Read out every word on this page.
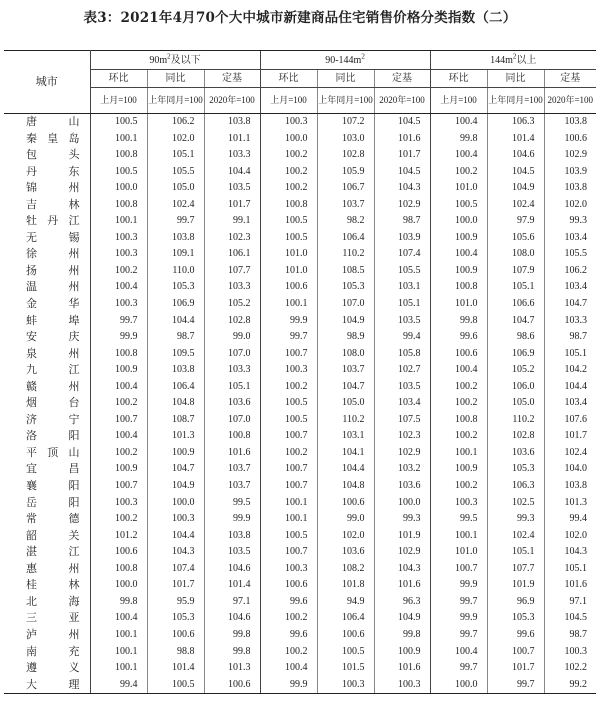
表3：2021年4月70个大中城市新建商品住宅销售价格分类指数（二）
城市	$90m^2$及以下			$90-144m^2$			$144m^2$以上		
	环比	同比	定基	环比	同比	定基	环比	同比	定基
	上月=100	上年同月=100	2020年=100	上月=100	上年同月=100	2020年=100	上月=100	上年同月=100	2020年=100
唐山	100.5	106.2	103.8	100.3	107.2	104.5	100.4	106.3	103.8
秦皇岛	100.1	102.0	101.1	100.0	103.0	101.6	99.8	101.4	100.6
包头	100.8	105.1	103.3	100.2	102.8	101.7	100.4	104.6	102.9
丹东	100.5	105.5	104.4	100.2	105.9	104.5	100.2	104.5	103.9
锦州	100.0	105.0	103.5	100.2	106.7	104.3	101.0	104.9	103.8
吉林	100.8	102.4	101.7	100.8	103.7	102.9	100.5	102.4	102.0
牡丹江	100.1	99.7	99.1	100.5	98.2	98.7	100.0	97.9	99.3
无锡	100.3	103.8	102.3	100.5	106.4	103.9	100.9	105.6	103.4
徐州	100.3	109.1	106.1	101.0	110.2	107.4	100.4	108.0	105.5
扬州	100.2	110.0	107.7	101.0	108.5	105.5	100.9	107.9	106.2
温州	100.4	105.3	103.3	100.6	105.3	103.1	100.8	105.1	103.4
金华	100.3	106.9	105.2	100.1	107.0	105.1	101.0	106.6	104.7
蚌埠	99.7	104.4	102.8	99.9	104.9	103.5	99.8	104.7	103.3
安庆	99.9	98.7	99.0	99.7	98.9	99.4	99.6	98.6	98.7
泉州	100.8	109.5	107.0	100.7	108.0	105.8	100.6	106.9	105.1
九江	100.9	103.8	103.3	100.3	103.7	102.7	100.4	105.2	104.2
赣州	100.4	106.4	105.1	100.2	104.7	103.5	100.2	106.0	104.4
烟台	100.2	104.8	103.6	100.5	105.0	103.4	100.2	105.0	103.4
济宁	100.7	108.7	107.0	100.5	110.2	107.5	100.8	110.2	107.6
洛阳	100.4	101.3	100.8	100.7	103.1	102.3	100.2	102.8	101.7
平顶山	100.2	100.9	101.6	100.2	104.1	102.9	100.1	103.6	102.4
宜昌	100.9	104.7	103.7	100.7	104.4	103.2	100.9	105.3	104.0
襄阳	100.7	104.9	103.7	100.7	104.8	103.6	100.2	106.3	103.8
岳阳	100.3	100.0	99.5	100.1	100.6	100.0	100.3	102.5	101.3
常德	100.2	100.3	99.9	100.1	99.0	99.3	99.5	99.3	99.4
韶关	101.2	104.4	103.8	100.5	102.0	101.9	100.1	102.4	102.0
湛江	100.6	104.3	103.5	100.7	103.6	102.9	101.0	105.1	104.3
惠州	100.8	107.4	104.6	100.3	108.2	104.3	100.7	107.7	105.1
桂林	100.0	101.7	101.4	100.6	101.8	101.6	99.9	101.9	101.6
北海	99.8	95.9	97.1	99.6	94.9	96.3	99.7	96.9	97.1
三亚	100.4	105.3	104.6	100.2	106.4	104.9	99.9	105.3	104.5
泸州	100.1	100.6	99.8	99.6	100.6	99.8	99.7	99.6	98.7
南充	100.1	98.8	99.8	100.2	100.5	100.9	100.4	100.7	100.3
遵义	100.1	101.4	101.3	100.4	101.5	101.6	99.7	101.7	102.2
大理	99.4	100.5	100.6	99.9	100.3	100.3	100.0	99.7	99.2
